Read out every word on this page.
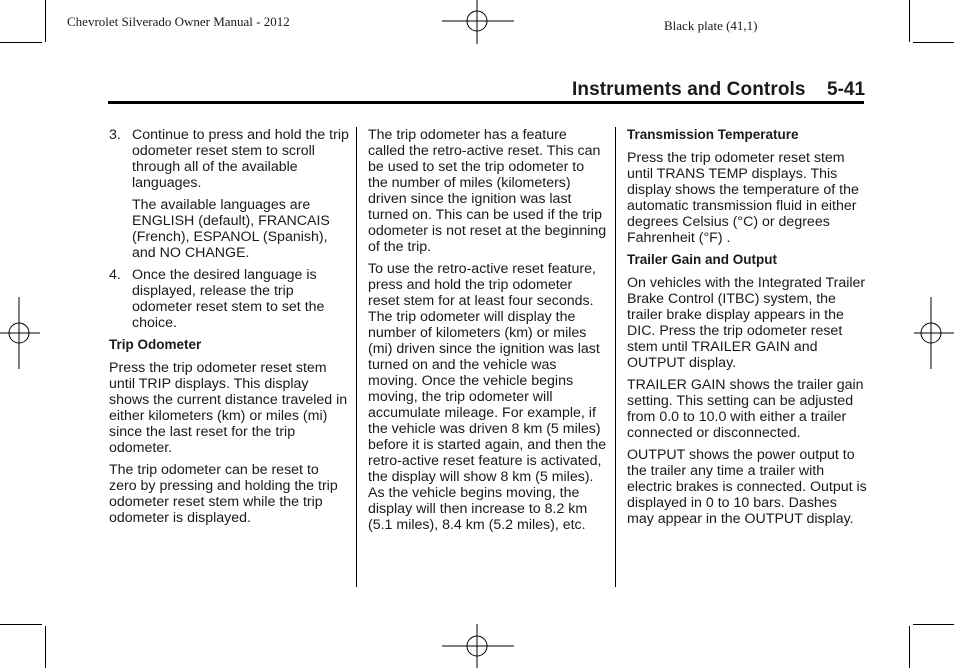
Chevrolet Silverado Owner Manual - 2012	Black plate (41,1)
Instruments and Controls 5-41
3. Continue to press and hold the trip odometer reset stem to scroll through all of the available languages.

The available languages are ENGLISH (default), FRANCAIS (French), ESPANOL (Spanish), and NO CHANGE.

4. Once the desired language is displayed, release the trip odometer reset stem to set the choice.
Trip Odometer

Press the trip odometer reset stem until TRIP displays. This display shows the current distance traveled in either kilometers (km) or miles (mi) since the last reset for the trip odometer.

The trip odometer can be reset to zero by pressing and holding the trip odometer reset stem while the trip odometer is displayed.

The trip odometer has a feature called the retro-active reset. This can be used to set the trip odometer to the number of miles (kilometers) driven since the ignition was last turned on. This can be used if the trip odometer is not reset at the beginning of the trip.

To use the retro-active reset feature, press and hold the trip odometer reset stem for at least four seconds. The trip odometer will display the number of kilometers (km) or miles (mi) driven since the ignition was last turned on and the vehicle was moving. Once the vehicle begins moving, the trip odometer will accumulate mileage. For example, if the vehicle was driven 8 km (5 miles) before it is started again, and then the retro-active reset feature is activated, the display will show 8 km (5 miles). As the vehicle begins moving, the display will then increase to 8.2 km (5.1 miles), 8.4 km (5.2 miles), etc.

Transmission Temperature

Press the trip odometer reset stem until TRANS TEMP displays. This display shows the temperature of the automatic transmission fluid in either degrees Celsius (°C) or degrees Fahrenheit (°F) .

Trailer Gain and Output

On vehicles with the Integrated Trailer Brake Control (ITBC) system, the trailer brake display appears in the DIC. Press the trip odometer reset stem until TRAILER GAIN and OUTPUT display.

TRAILER GAIN shows the trailer gain setting. This setting can be adjusted from 0.0 to 10.0 with either a trailer connected or disconnected.

OUTPUT shows the power output to the trailer any time a trailer with electric brakes is connected. Output is displayed in 0 to 10 bars. Dashes may appear in the OUTPUT display.
